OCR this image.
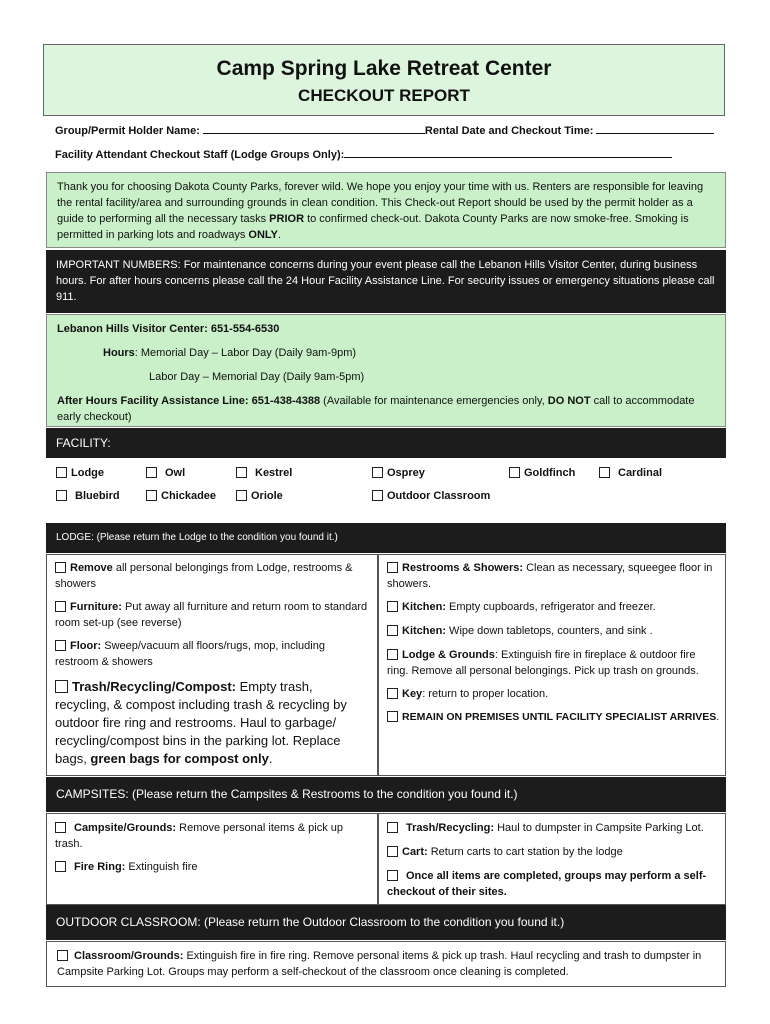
Camp Spring Lake Retreat Center
CHECKOUT REPORT
Group/Permit Holder Name:	Rental Date and Checkout Time:
Facility Attendant Checkout Staff (Lodge Groups Only):
Thank you for choosing Dakota County Parks, forever wild. We hope you enjoy your time with us. Renters are responsible for leaving the rental facility/area and surrounding grounds in clean condition. This Check-out Report should be used by the permit holder as a guide to performing all the necessary tasks PRIOR to confirmed check-out. Dakota County Parks are now smoke-free. Smoking is permitted in parking lots and roadways ONLY.
IMPORTANT NUMBERS: For maintenance concerns during your event please call the Lebanon Hills Visitor Center, during business hours. For after hours concerns please call the 24 Hour Facility Assistance Line. For security issues or emergency situations please call 911.
Lebanon Hills Visitor Center: 651-554-6530
Hours: Memorial Day – Labor Day (Daily 9am-9pm)
Labor Day – Memorial Day (Daily 9am-5pm)
After Hours Facility Assistance Line: 651-438-4388 (Available for maintenance emergencies only, DO NOT call to accommodate early checkout)
FACILITY:
Lodge	Owl	Kestrel	Osprey	Goldfinch	Cardinal
Bluebird	Chickadee	Oriole	Outdoor Classroom
LODGE: (Please return the Lodge to the condition you found it.)
Remove all personal belongings from Lodge, restrooms & showers
Furniture: Put away all furniture and return room to standard room set-up (see reverse)
Floor: Sweep/vacuum all floors/rugs, mop, including restroom & showers
Trash/Recycling/Compost: Empty trash, recycling, & compost including trash & recycling by outdoor fire ring and restrooms. Haul to garbage/ recycling/compost bins in the parking lot. Replace bags, green bags for compost only.
Restrooms & Showers: Clean as necessary, squeegee floor in showers.
Kitchen: Empty cupboards, refrigerator and freezer.
Kitchen: Wipe down tabletops, counters, and sink .
Lodge & Grounds: Extinguish fire in fireplace & outdoor fire ring. Remove all personal belongings. Pick up trash on grounds.
Key: return to proper location.
REMAIN ON PREMISES UNTIL FACILITY SPECIALIST ARRIVES.
CAMPSITES: (Please return the Campsites & Restrooms to the condition you found it.)
Campsite/Grounds: Remove personal items & pick up trash.
Fire Ring: Extinguish fire
Trash/Recycling: Haul to dumpster in Campsite Parking Lot.
Cart: Return carts to cart station by the lodge
Once all items are completed, groups may perform a self-checkout of their sites.
OUTDOOR CLASSROOM: (Please return the Outdoor Classroom to the condition you found it.)
Classroom/Grounds: Extinguish fire in fire ring. Remove personal items & pick up trash. Haul recycling and trash to dumpster in Campsite Parking Lot. Groups may perform a self-checkout of the classroom once cleaning is completed.
